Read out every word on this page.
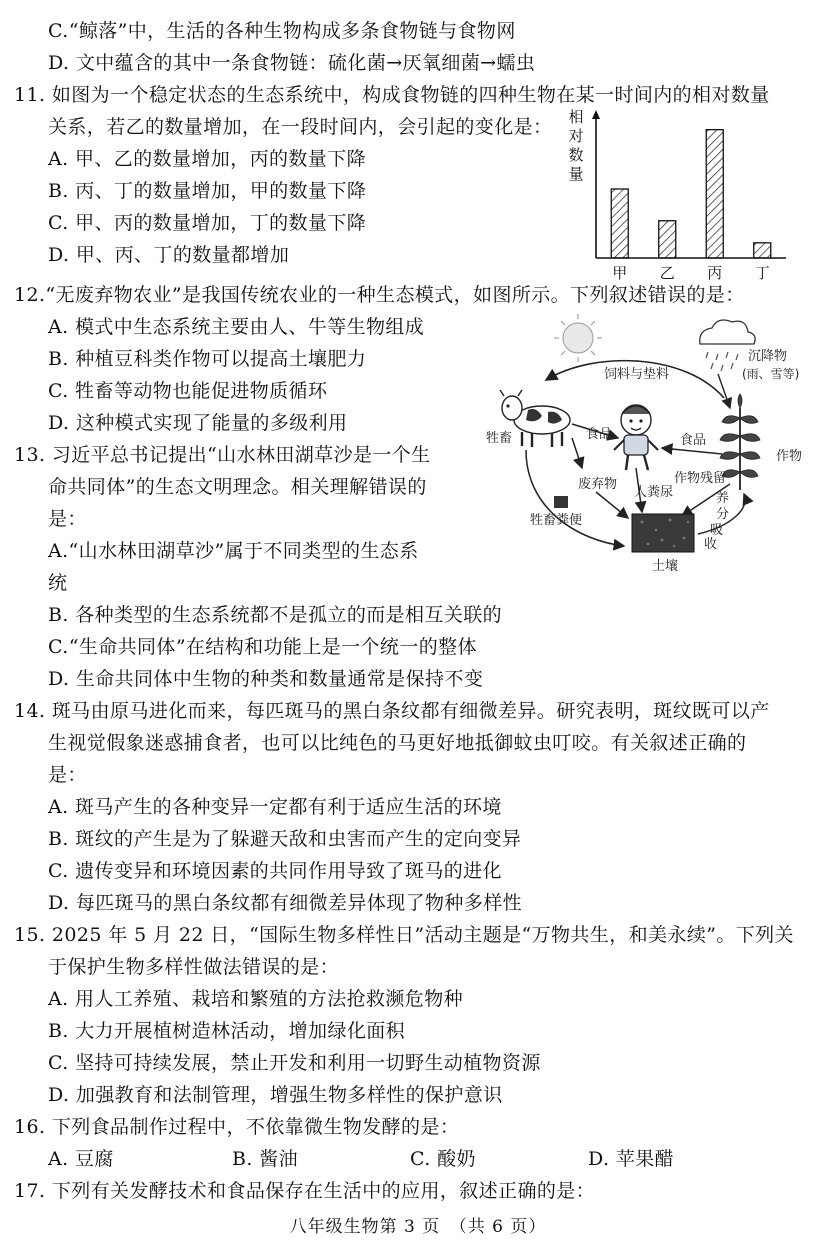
C.“鲸落”中，生活的各种生物构成多条食物链与食物网
D. 文中蕴含的其中一条食物链：硫化菌→厌氧细菌→蠕虫
11. 如图为一个稳定状态的生态系统中，构成食物链的四种生物在某一时间内的相对数量
关系，若乙的数量增加，在一段时间内，会引起的变化是：
A. 甲、乙的数量增加，丙的数量下降
B. 丙、丁的数量增加，甲的数量下降
C. 甲、丙的数量增加，丁的数量下降
D. 甲、丙、丁的数量都增加
相
对
数
量
甲 乙 丙 丁
12.“无废弃物农业”是我国传统农业的一种生态模式，如图所示。下列叙述错误的是：
A. 模式中生态系统主要由人、牛等生物组成
B. 种植豆科类作物可以提高土壤肥力
C. 牲畜等动物也能促进物质循环
D. 这种模式实现了能量的多级利用
沉降物
(雨、雪等)
饲料与垫料
牲畜	食品
作物
食品
废弃物	作物残留
人粪尿
牲畜粪便
土壤
养
分
吸
收
13. 习近平总书记提出“山水林田湖草沙是一个生
命共同体”的生态文明理念。相关理解错误的
是：
A.“山水林田湖草沙”属于不同类型的生态系
统
B. 各种类型的生态系统都不是孤立的而是相互关联的
C.“生命共同体”在结构和功能上是一个统一的整体
D. 生命共同体中生物的种类和数量通常是保持不变
14. 斑马由原马进化而来，每匹斑马的黑白条纹都有细微差异。研究表明，斑纹既可以产
生视觉假象迷惑捕食者，也可以比纯色的马更好地抵御蚊虫叮咬。有关叙述正确的
是：
A. 斑马产生的各种变异一定都有利于适应生活的环境
B. 斑纹的产生是为了躲避天敌和虫害而产生的定向变异
C. 遗传变异和环境因素的共同作用导致了斑马的进化
D. 每匹斑马的黑白条纹都有细微差异体现了物种多样性
15. 2025 年 5 月 22 日，“国际生物多样性日”活动主题是“万物共生，和美永续”。下列关
于保护生物多样性做法错误的是：
A. 用人工养殖、栽培和繁殖的方法抢救濒危物种
B. 大力开展植树造林活动，增加绿化面积
C. 坚持可持续发展，禁止开发和利用一切野生动植物资源
D. 加强教育和法制管理，增强生物多样性的保护意识
16. 下列食品制作过程中，不依靠微生物发酵的是：
A. 豆腐	B. 酱油	C. 酸奶	D. 苹果醋
17. 下列有关发酵技术和食品保存在生活中的应用，叙述正确的是：
八年级生物第 3 页　（共 6 页）
